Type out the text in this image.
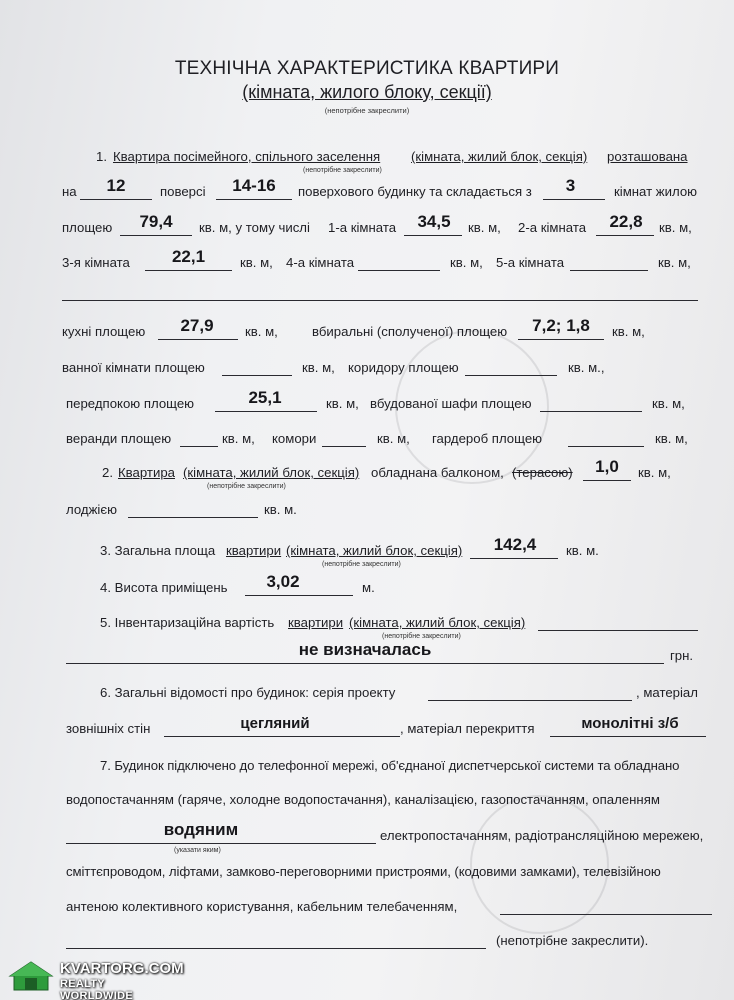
ТЕХНІЧНА ХАРАКТЕРИСТИКА КВАРТИРИ
(кімната, жилого блоку, секції)
(непотрібне закреслити)
1. Квартира посімейного, спільного заселення (кімната, жилий блок, секція) розташована
(непотрібне закреслити)
на	12	поверсі	14-16	поверхового будинку та складається з	3	кімнат жилою
площею	79,4	кв. м, у тому числі 1-а кімната	34,5	кв. м, 2-а кімната	22,8	кв. м,
3-я кімната	22,1	кв. м, 4-а кімната	кв. м, 5-а кімната	кв. м,
кухні площею	27,9	кв. м,	вбиральні (сполученої) площею	7,2; 1,8	кв. м,
ванної кімнати площею	кв. м, коридору площею	кв. м.,
передпокою площею	25,1	кв. м, вбудованої шафи площею	кв. м,
веранди площею	кв. м, комори	кв. м, гардероб площею	кв. м,
2. Квартира (кімната, жилий блок, секція) обладнана балконом, (терасою)	1,0	кв. м,
(непотрібне закреслити)
лоджією	кв. м.
3. Загальна площа квартири (кімната, жилий блок, секція)	142,4	кв. м.
(непотрібне закреслити)
4. Висота приміщень	3,02	м.
5. Інвентаризаційна вартість квартири (кімната, жилий блок, секція)
(непотрібне закреслити)
не визначалась	грн.
6. Загальні відомості про будинок: серія проекту	, матеріал
зовнішніх стін	цегляний	, матеріал перекриття	монолітні з/б
7. Будинок підключено до телефонної мережі, об'єднаної диспетчерської системи та обладнано
водопостачанням (гаряче, холодне водопостачання), каналізацією, газопостачанням, опаленням
водяним
(указати яким)
електропостачанням, радіотрансляційною мережею,
сміттєпроводом, ліфтами, замково-переговорними пристроями, (кодовими замками), телевізійною
антеною колективного користування, кабельним телебаченням,
(непотрібне закреслити).
KVARTORG.COM
REALTY WORLDWIDE
